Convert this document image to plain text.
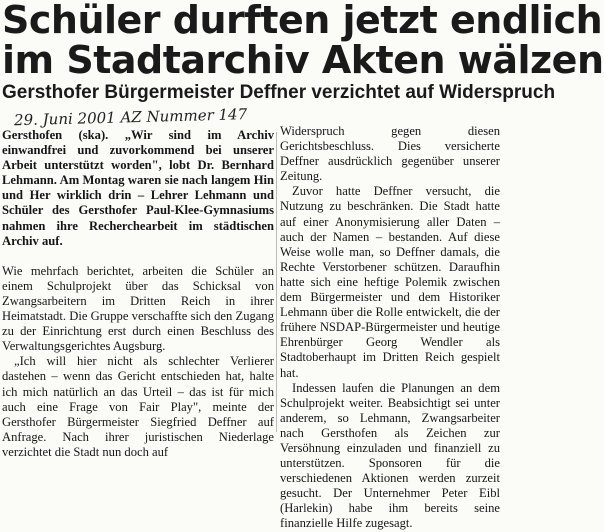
Schüler durften jetzt endlich
im Stadtarchiv Akten wälzen
Gersthofer Bürgermeister Deffner verzichtet auf Widerspruch
29. Juni 2001 AZ Nummer 147

Gersthofen (ska). „Wir sind im Archiv einwandfrei und zuvorkommend bei unserer Arbeit unterstützt worden", lobt Dr. Bernhard Lehmann. Am Montag waren sie nach langem Hin und Her wirklich drin – Lehrer Lehmann und Schüler des Gersthofer Paul-Klee-Gymnasiums nahmen ihre Recherchearbeit im städtischen Archiv auf.

Wie mehrfach berichtet, arbeiten die Schüler an einem Schulprojekt über das Schicksal von Zwangsarbeitern im Dritten Reich in ihrer Heimatstadt. Die Gruppe verschaffte sich den Zugang zu der Einrichtung erst durch einen Beschluss des Verwaltungsgerichtes Augsburg.

„Ich will hier nicht als schlechter Verlierer dastehen – wenn das Gericht entschieden hat, halte ich mich natürlich an das Urteil – das ist für mich auch eine Frage von Fair Play", meinte der Gersthofer Bürgermeister Siegfried Deffner auf Anfrage. Nach ihrer juristischen Niederlage verzichtet die Stadt nun doch auf

Widerspruch gegen diesen Gerichtsbeschluss. Dies versicherte Deffner ausdrücklich gegenüber unserer Zeitung.

Zuvor hatte Deffner versucht, die Nutzung zu beschränken. Die Stadt hatte auf einer Anonymisierung aller Daten – auch der Namen – bestanden. Auf diese Weise wolle man, so Deffner damals, die Rechte Verstorbener schützen. Daraufhin hatte sich eine heftige Polemik zwischen dem Bürgermeister und dem Historiker Lehmann über die Rolle entwickelt, die der frühere NSDAP-Bürgermeister und heutige Ehrenbürger Georg Wendler als Stadtoberhaupt im Dritten Reich gespielt hat.

Indessen laufen die Planungen an dem Schulprojekt weiter. Beabsichtigt sei unter anderem, so Lehmann, Zwangsarbeiter nach Gersthofen als Zeichen zur Versöhnung einzuladen und finanziell zu unterstützen. Sponsoren für die verschiedenen Aktionen werden zurzeit gesucht. Der Unternehmer Peter Eibl (Harlekin) habe ihm bereits seine finanzielle Hilfe zugesagt.
